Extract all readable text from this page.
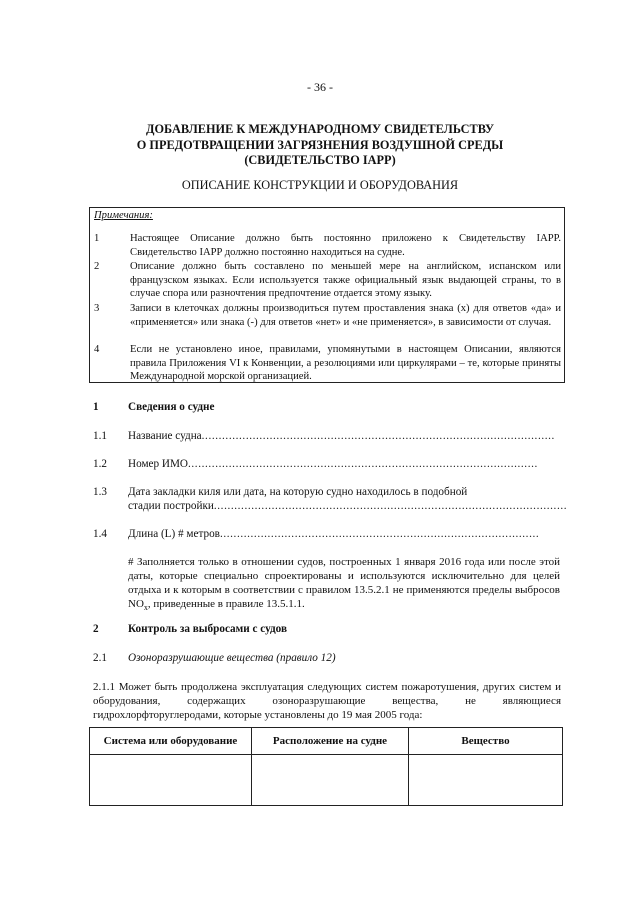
- 36 -
ДОБАВЛЕНИЕ К МЕЖДУНАРОДНОМУ СВИДЕТЕЛЬСТВУ
О ПРЕДОТВРАЩЕНИИ ЗАГРЯЗНЕНИЯ ВОЗДУШНОЙ СРЕДЫ
(СВИДЕТЕЛЬСТВО IAPP)
ОПИСАНИЕ КОНСТРУКЦИИ И ОБОРУДОВАНИЯ
Примечания:
1	Настоящее Описание должно быть постоянно приложено к Свидетельству IAPP. Свидетельство IAPP должно постоянно находиться на судне.
2	Описание должно быть составлено по меньшей мере на английском, испанском или французском языках. Если используется также официальный язык выдающей страны, то в случае спора или разночтения предпочтение отдается этому языку.
3	Записи в клеточках должны производиться путем проставления знака (x) для ответов «да» и «применяется» или знака (-) для ответов «нет» и «не применяется», в зависимости от случая.
4	Если не установлено иное, правилами, упомянутыми в настоящем Описании, являются правила Приложения VI к Конвенции, а резолюциями или циркулярами – те, которые приняты Международной морской организацией.
1	Сведения о судне
1.1 Название судна........................................................................................................
1.2 Номер ИМО.......................................................................................................
1.3 Дата закладки киля или дата, на которую судно находилось в подобной
стадии постройки........................................................................................................
1.4 Длина (L) # метров..............................................................................................
# Заполняется только в отношении судов, построенных 1 января 2016 года или после этой даты, которые специально спроектированы и используются исключительно для целей отдыха и к которым в соответствии с правилом 13.5.2.1 не применяются пределы выбросов $NO_x$, приведенные в правиле 13.5.1.1.
2	Контроль за выбросами с судов
2.1 Озоноразрушающие вещества (правило 12)
2.1.1 Может быть продолжена эксплуатация следующих систем пожаротушения, других систем и оборудования, содержащих озоноразрушающие вещества, не являющиеся гидрохлорфторуглеродами, которые установлены до 19 мая 2005 года:
Система или оборудование	Расположение на судне	Вещество
